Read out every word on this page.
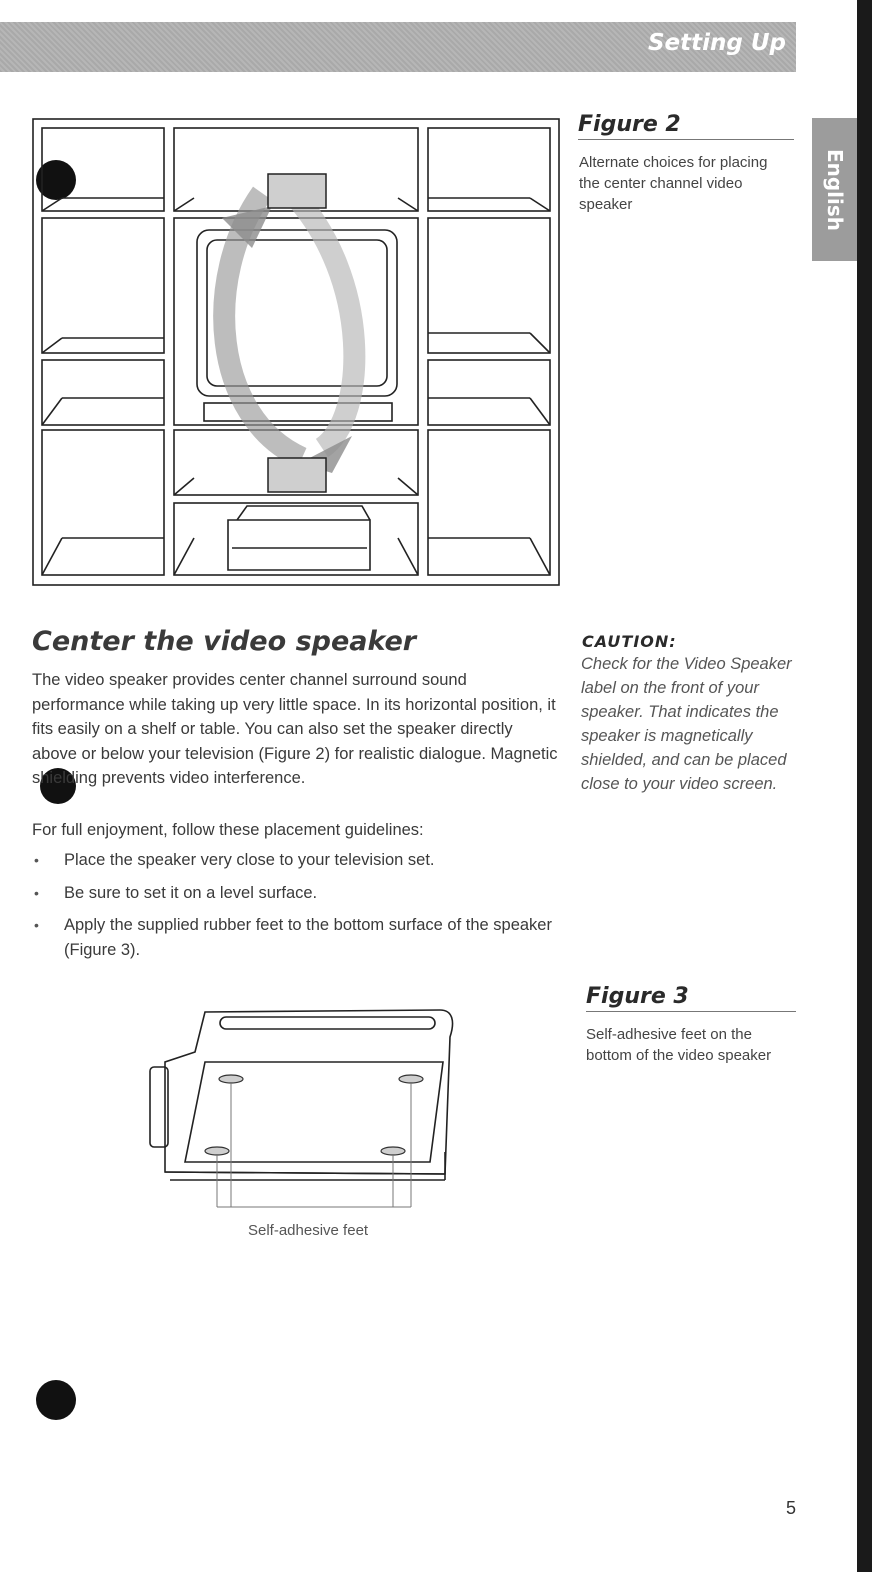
Setting Up
English
Figure 2
Alternate choices for placing the center channel video speaker
Center the video speaker
The video speaker provides center channel surround sound performance while taking up very little space. In its horizontal position, it fits easily on a shelf or table. You can also set the speaker directly above or below your television (Figure 2) for realistic dialogue. Magnetic shielding prevents video interference.
For full enjoyment, follow these placement guidelines:
• Place the speaker very close to your television set.
• Be sure to set it on a level surface.
• Apply the supplied rubber feet to the bottom surface of the speaker (Figure 3).
CAUTION:
Check for the Video Speaker label on the front of your speaker. That indicates the speaker is magnetically shielded, and can be placed close to your video screen.
Figure 3
Self-adhesive feet on the bottom of the video speaker
Self-adhesive feet
5
